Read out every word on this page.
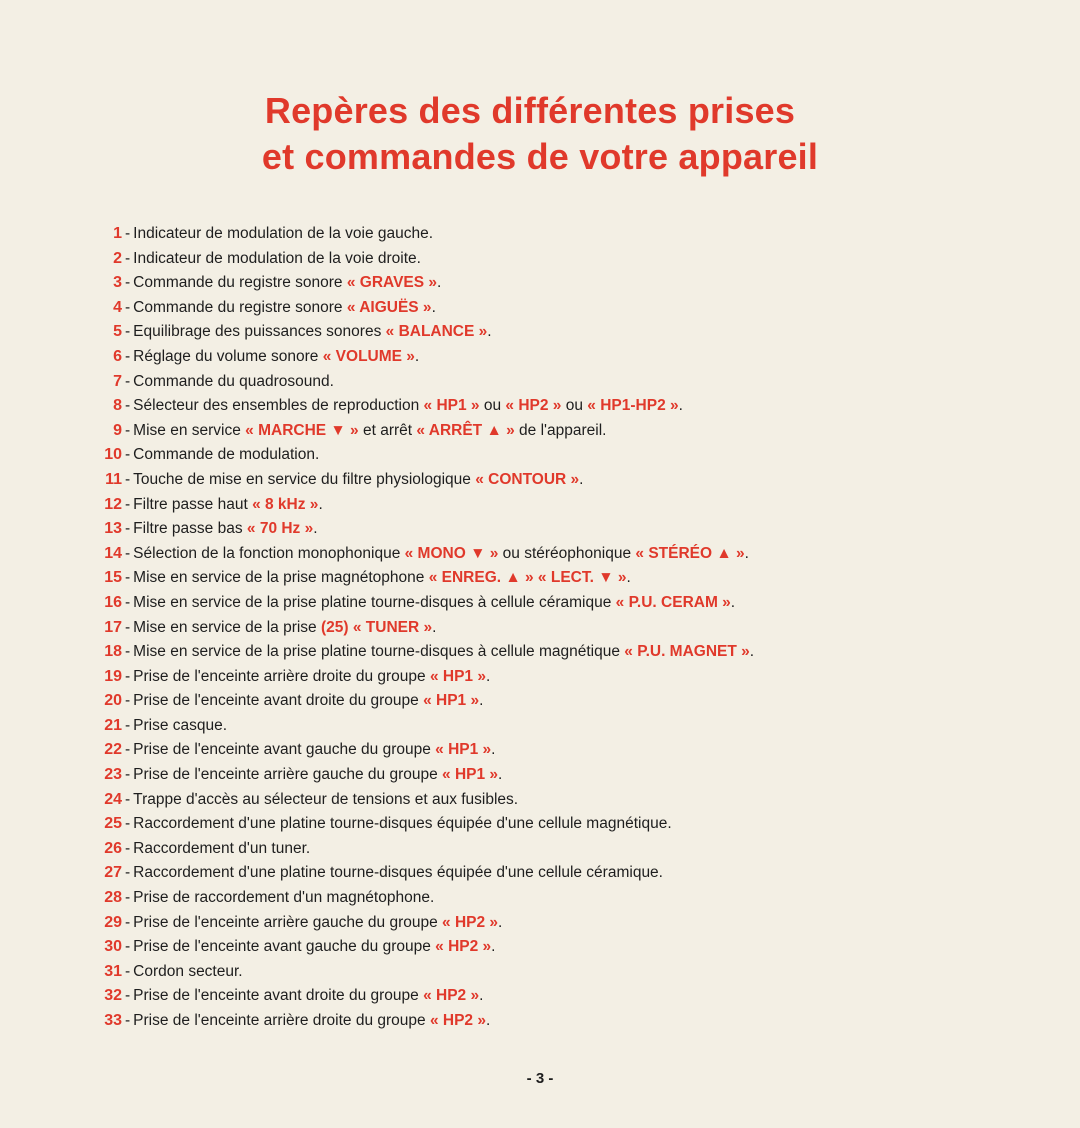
Repères des différentes prises
et commandes de votre appareil
1 - Indicateur de modulation de la voie gauche.
2 - Indicateur de modulation de la voie droite.
3 - Commande du registre sonore « GRAVES ».
4 - Commande du registre sonore « AIGUËS ».
5 - Equilibrage des puissances sonores « BALANCE ».
6 - Réglage du volume sonore « VOLUME ».
7 - Commande du quadrosound.
8 - Sélecteur des ensembles de reproduction « HP1 » ou « HP2 » ou « HP1-HP2 ».
9 - Mise en service « MARCHE ▼ » et arrêt « ARRÊT ▲ » de l'appareil.
10 - Commande de modulation.
11 - Touche de mise en service du filtre physiologique « CONTOUR ».
12 - Filtre passe haut « 8 kHz ».
13 - Filtre passe bas « 70 Hz ».
14 - Sélection de la fonction monophonique « MONO ▼ » ou stéréophonique « STÉRÉO ▲ ».
15 - Mise en service de la prise magnétophone « ENREG. ▲ » « LECT. ▼ ».
16 - Mise en service de la prise platine tourne-disques à cellule céramique « P.U. CERAM ».
17 - Mise en service de la prise (25) « TUNER ».
18 - Mise en service de la prise platine tourne-disques à cellule magnétique « P.U. MAGNET ».
19 - Prise de l'enceinte arrière droite du groupe « HP1 ».
20 - Prise de l'enceinte avant droite du groupe « HP1 ».
21 - Prise casque.
22 - Prise de l'enceinte avant gauche du groupe « HP1 ».
23 - Prise de l'enceinte arrière gauche du groupe « HP1 ».
24 - Trappe d'accès au sélecteur de tensions et aux fusibles.
25 - Raccordement d'une platine tourne-disques équipée d'une cellule magnétique.
26 - Raccordement d'un tuner.
27 - Raccordement d'une platine tourne-disques équipée d'une cellule céramique.
28 - Prise de raccordement d'un magnétophone.
29 - Prise de l'enceinte arrière gauche du groupe « HP2 ».
30 - Prise de l'enceinte avant gauche du groupe « HP2 ».
31 - Cordon secteur.
32 - Prise de l'enceinte avant droite du groupe « HP2 ».
33 - Prise de l'enceinte arrière droite du groupe « HP2 ».
- 3 -
